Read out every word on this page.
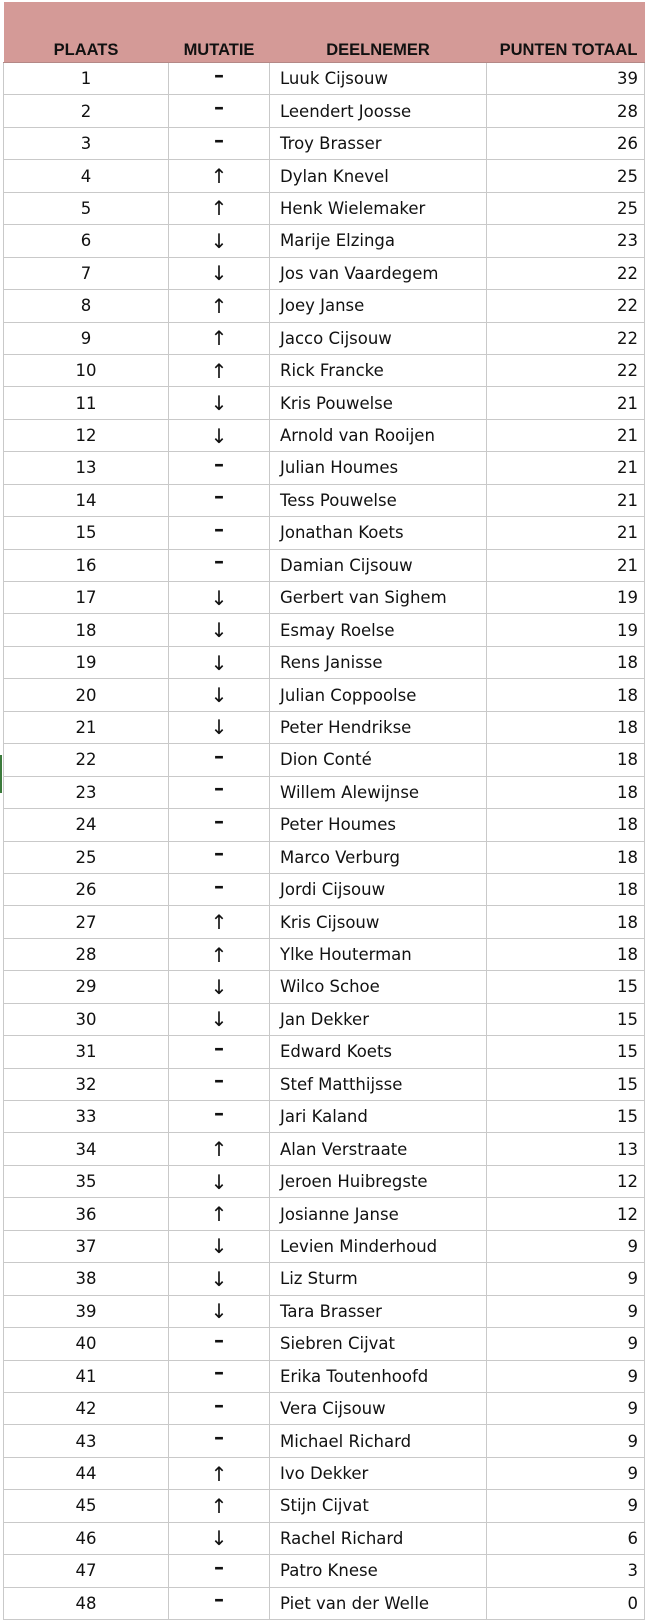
PLAATS	MUTATIE	DEELNEMER	PUNTEN TOTAAL
1	–	Luuk Cijsouw	39
2	–	Leendert Joosse	28
3	–	Troy Brasser	26
4	↑	Dylan Knevel	25
5	↑	Henk Wielemaker	25
6	↓	Marije Elzinga	23
7	↓	Jos van Vaardegem	22
8	↑	Joey Janse	22
9	↑	Jacco Cijsouw	22
10	↑	Rick Francke	22
11	↓	Kris Pouwelse	21
12	↓	Arnold van Rooijen	21
13	–	Julian Houmes	21
14	–	Tess Pouwelse	21
15	–	Jonathan Koets	21
16	–	Damian Cijsouw	21
17	↓	Gerbert van Sighem	19
18	↓	Esmay Roelse	19
19	↓	Rens Janisse	18
20	↓	Julian Coppoolse	18
21	↓	Peter Hendrikse	18
22	–	Dion Conté	18
23	–	Willem Alewijnse	18
24	–	Peter Houmes	18
25	–	Marco Verburg	18
26	–	Jordi Cijsouw	18
27	↑	Kris Cijsouw	18
28	↑	Ylke Houterman	18
29	↓	Wilco Schoe	15
30	↓	Jan Dekker	15
31	–	Edward Koets	15
32	–	Stef Matthijsse	15
33	–	Jari Kaland	15
34	↑	Alan Verstraate	13
35	↓	Jeroen Huibregste	12
36	↑	Josianne Janse	12
37	↓	Levien Minderhoud	9
38	↓	Liz Sturm	9
39	↓	Tara Brasser	9
40	–	Siebren Cijvat	9
41	–	Erika Toutenhoofd	9
42	–	Vera Cijsouw	9
43	–	Michael Richard	9
44	↑	Ivo Dekker	9
45	↑	Stijn Cijvat	9
46	↓	Rachel Richard	6
47	–	Patro Knese	3
48	–	Piet van der Welle	0
